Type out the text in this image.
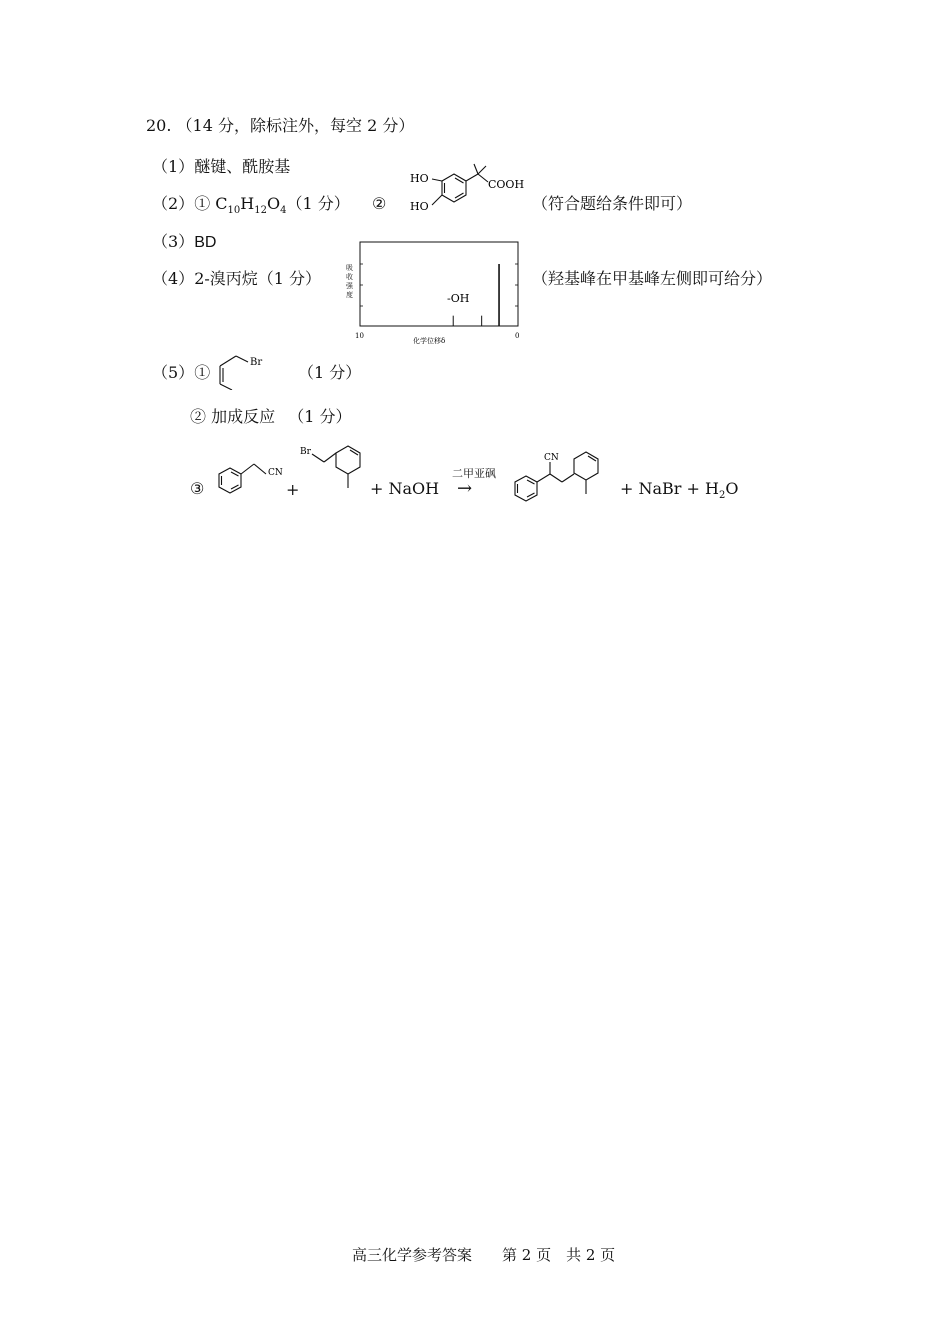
20. （14 分，除标注外，每空 2 分）
（1）醚键、酰胺基
（2）① $C_{10}H_{12}O_4(1$ 分） ②
HO
HO
COOH
（符合题给条件即可）
（3）BD
（4）2-溴丙烷（1 分）	（羟基峰在甲基峰左侧即可给分）
-OH
10	0
化学位移δ
吸收强度
（5）①
Br
（1 分）
② 加成反应 （1 分）
③
CN
+
Br
+ NaOH
二甲亚砜
→
CN
+ NaBr + $H_2O$
高三化学参考答案　　第 2 页　共 2 页
